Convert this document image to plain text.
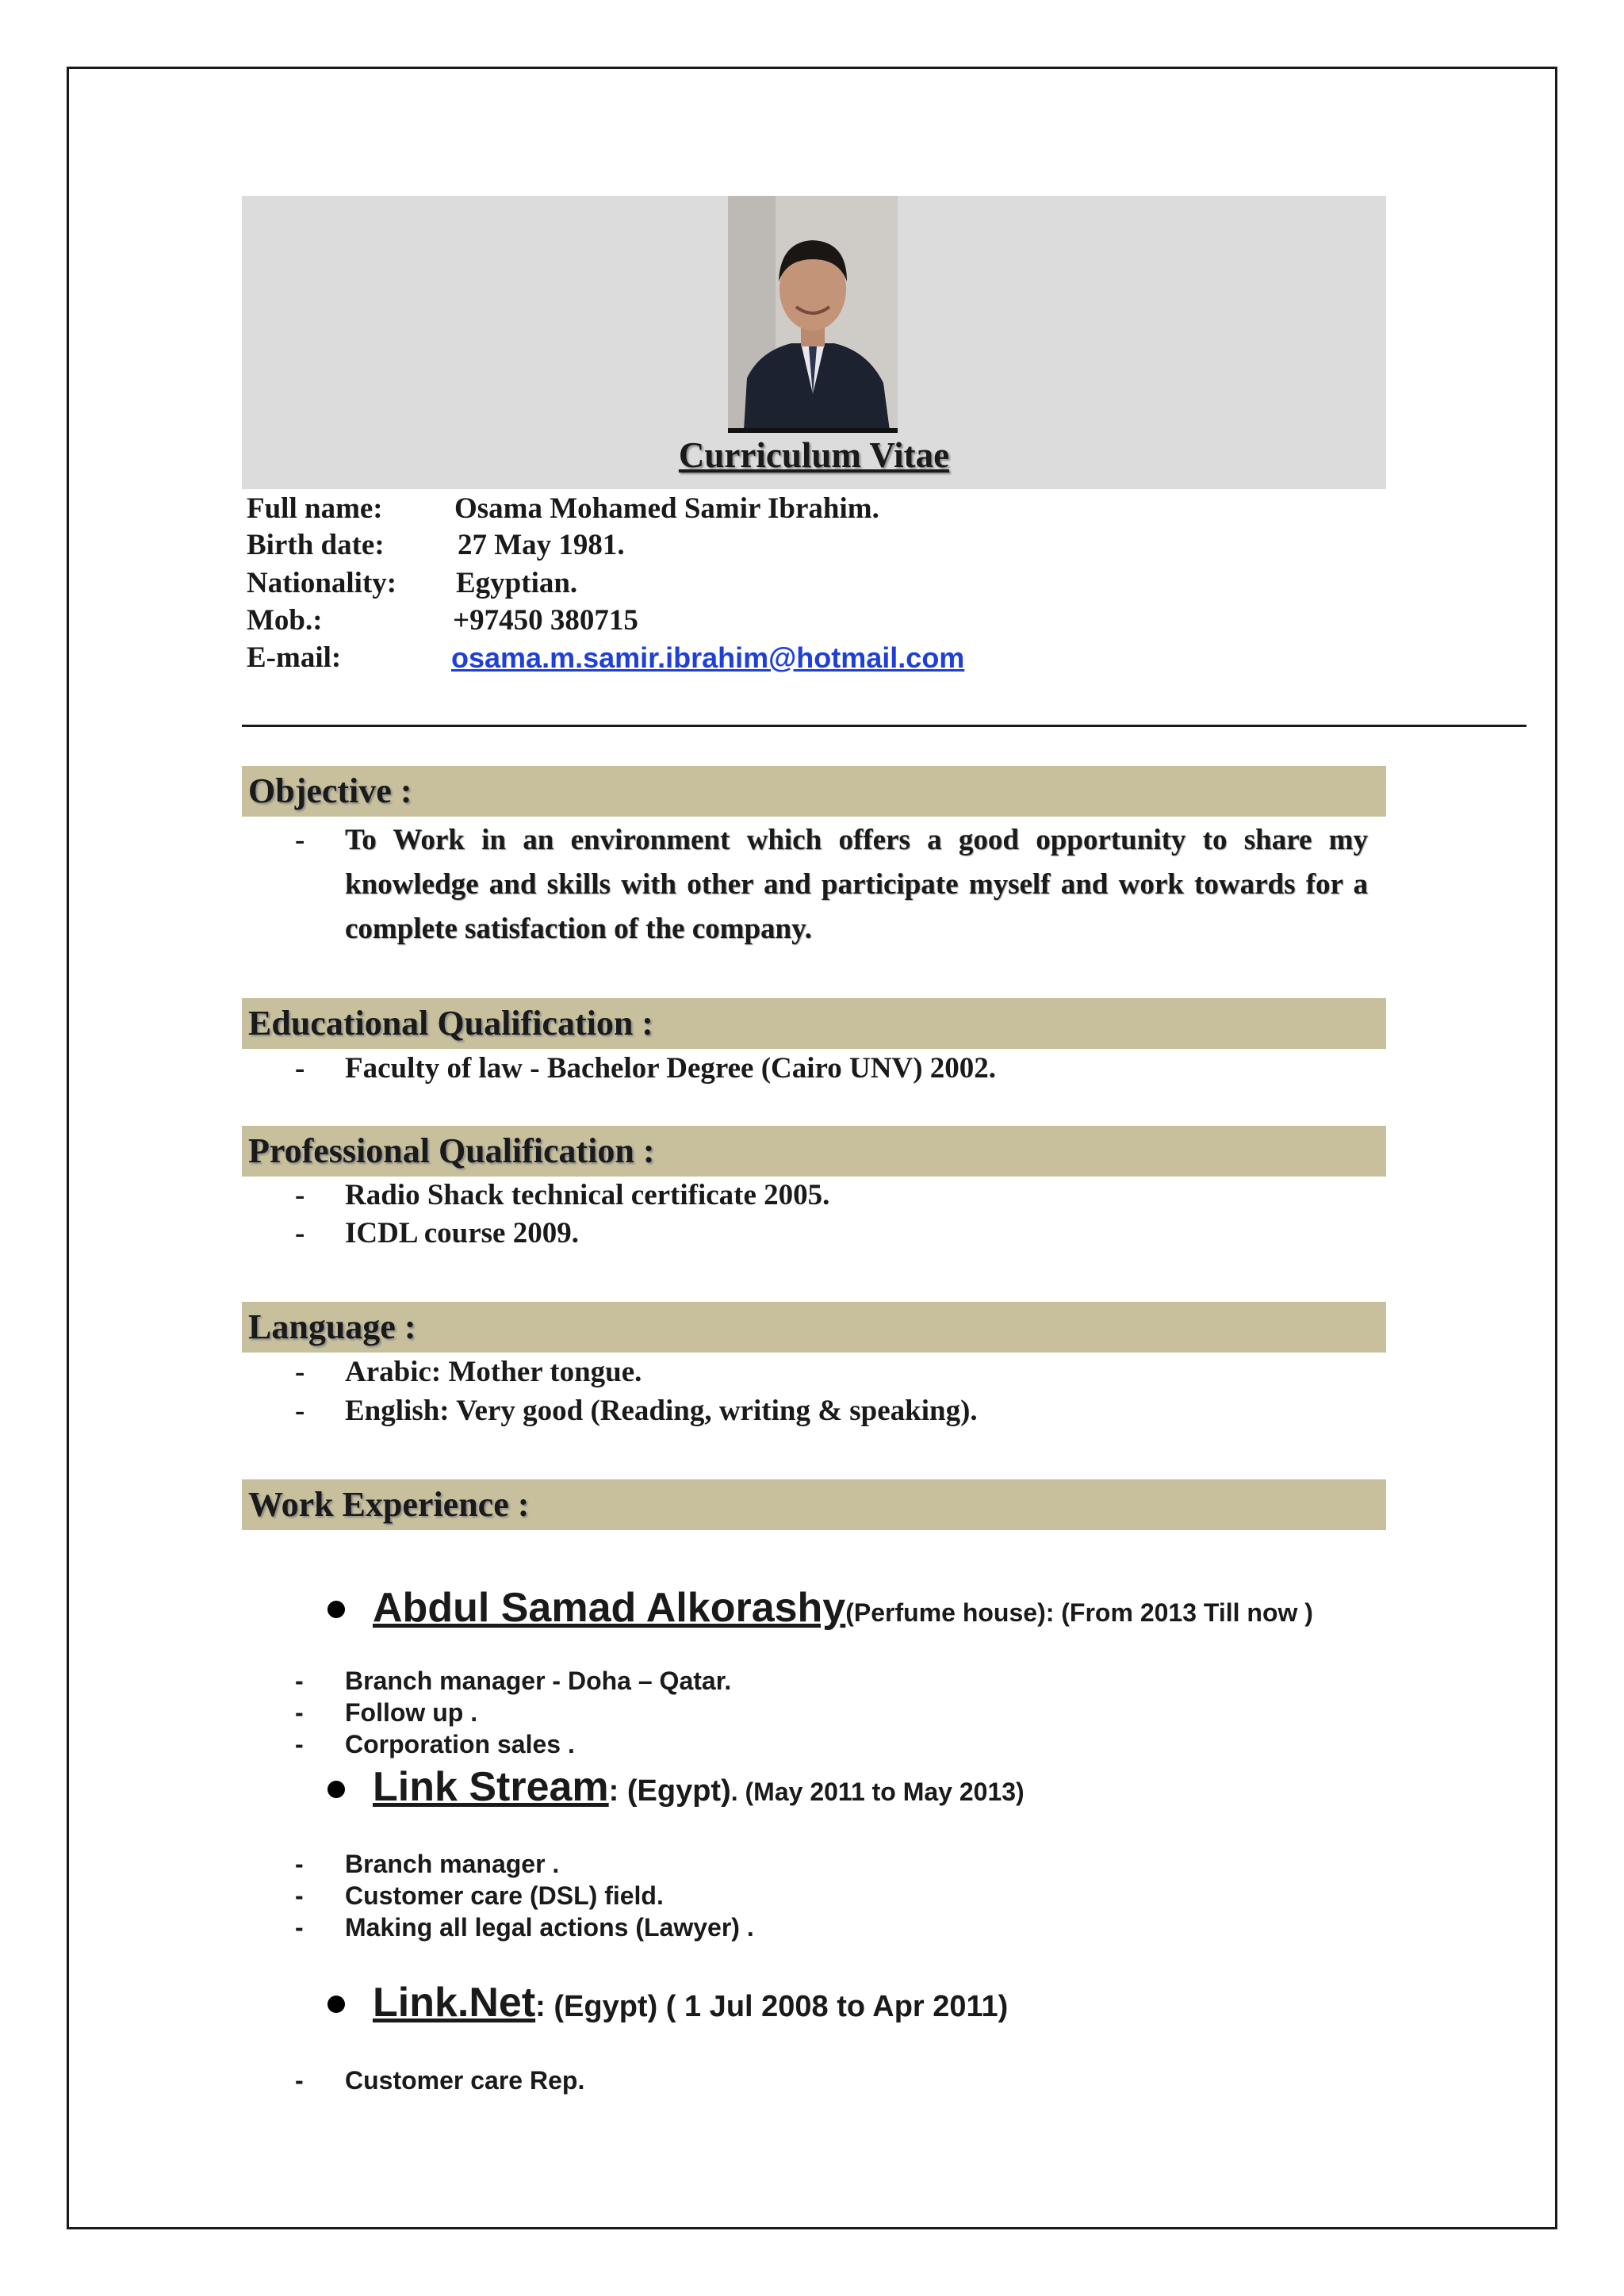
Curriculum Vitae
Full name: Osama Mohamed Samir Ibrahim.
Birth date: 27 May 1981.
Nationality: Egyptian.
Mob.:	+97450 380715
E-mail:	osama.m.samir.ibrahim@hotmail.com
Objective :
- To Work in an environment which offers a good opportunity to share my knowledge and skills with other and participate myself and work towards for a complete satisfaction of the company.
Educational Qualification :
- Faculty of law - Bachelor Degree (Cairo UNV) 2002.
Professional Qualification :
- Radio Shack technical certificate 2005.
- ICDL course 2009.
Language :
- Arabic: Mother tongue.
- English: Very good (Reading, writing & speaking).
Work Experience :
Abdul Samad Alkorashy(Perfume house): (From 2013 Till now )
- Branch manager - Doha – Qatar.
- Follow up .
- Corporation sales .
Link Stream: (Egypt). (May 2011 to May 2013)
- Branch manager .
- Customer care (DSL) field.
- Making all legal actions (Lawyer) .
Link.Net: (Egypt) ( 1 Jul 2008 to Apr 2011)
- Customer care Rep.
